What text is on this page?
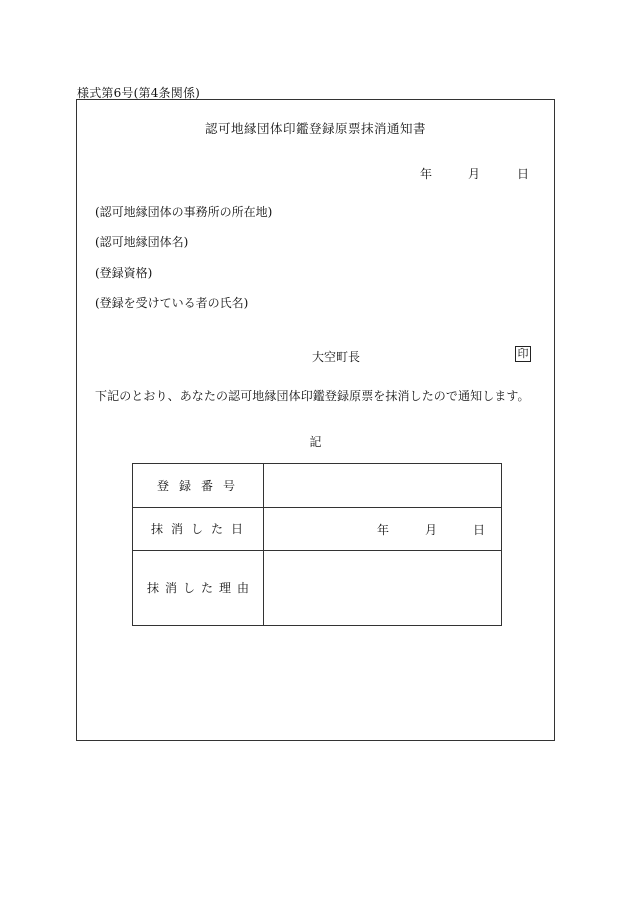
様式第6号(第4条関係)
認可地縁団体印鑑登録原票抹消通知書
年	月	日
(認可地縁団体の事務所の所在地)
(認可地縁団体名)
(登録資格)
(登録を受けている者の氏名)
大空町長	印
下記のとおり、あなたの認可地縁団体印鑑登録原票を抹消したので通知します。
記
登録番号
抹消した日	年	月	日
抹消した理由
